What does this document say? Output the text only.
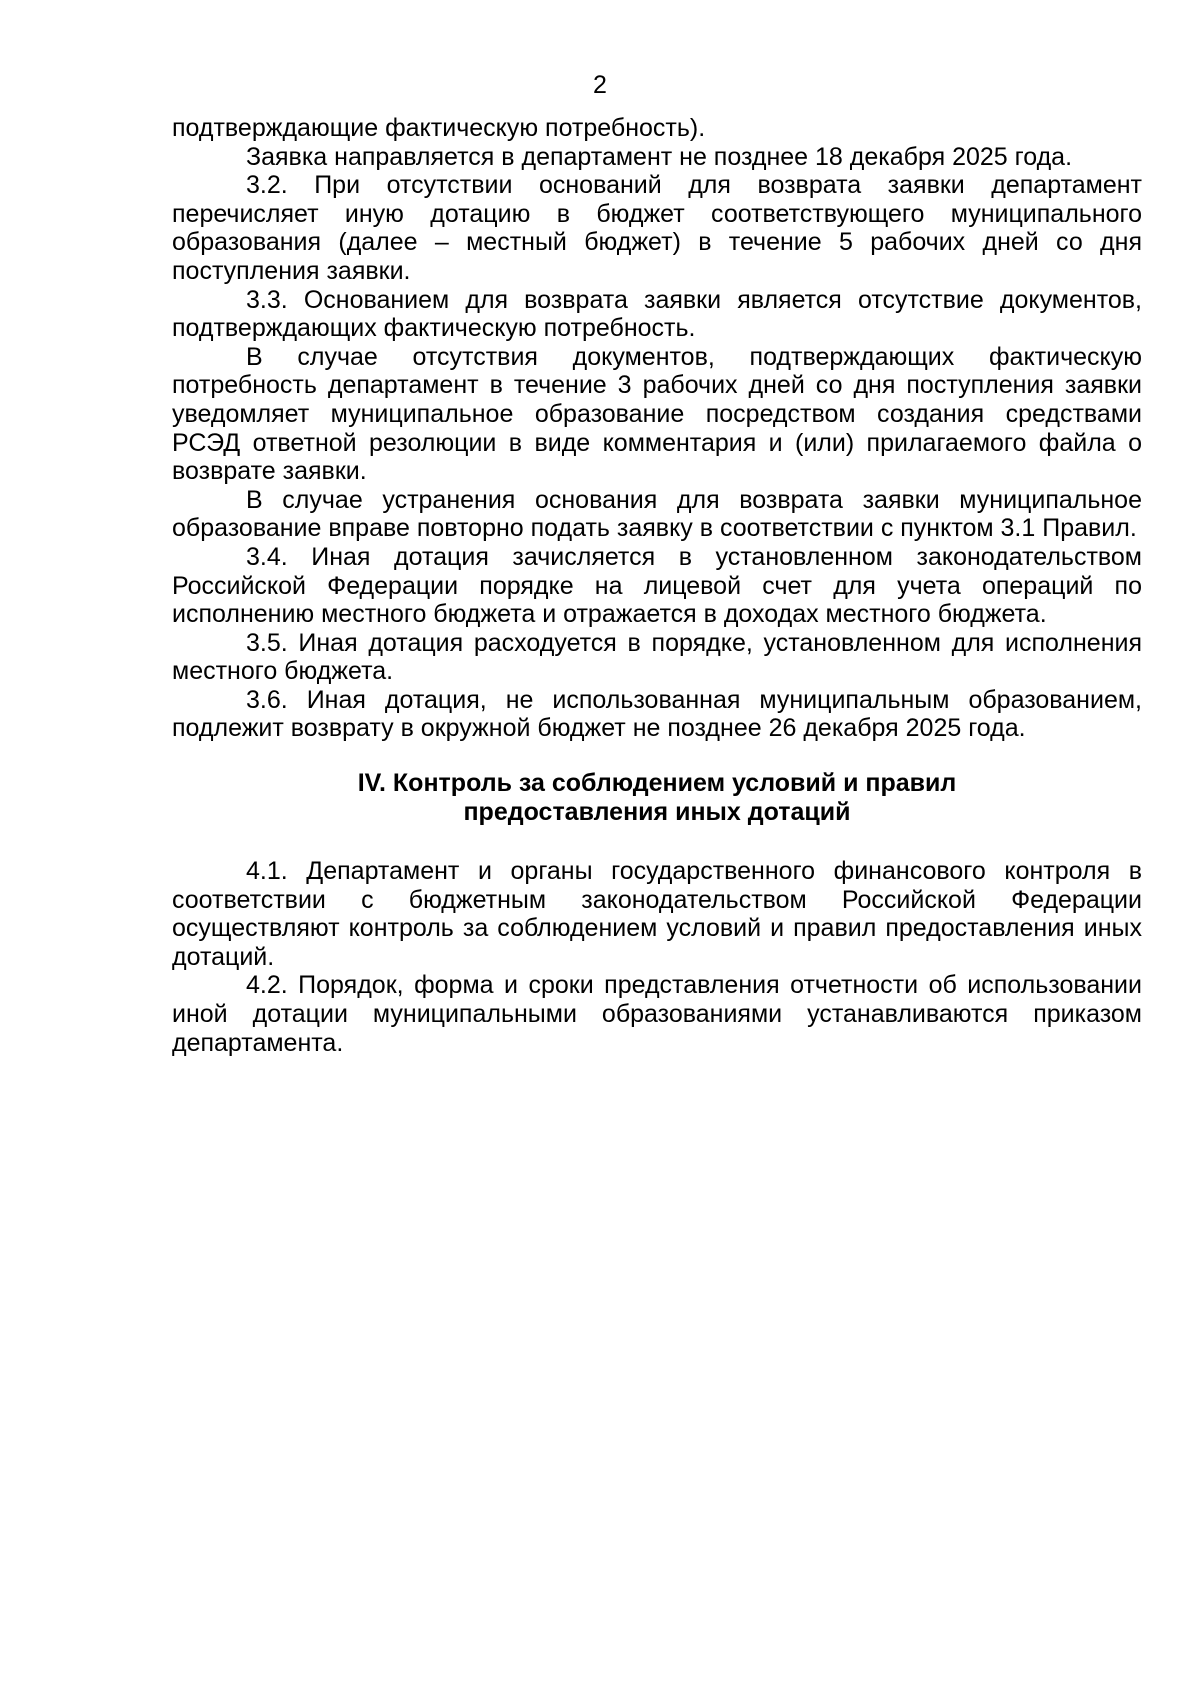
2

подтверждающие фактическую потребность).

Заявка направляется в департамент не позднее 18 декабря 2025 года.

3.2. При отсутствии оснований для возврата заявки департамент перечисляет иную дотацию в бюджет соответствующего муниципального образования (далее – местный бюджет) в течение 5 рабочих дней со дня поступления заявки.

3.3. Основанием для возврата заявки является отсутствие документов, подтверждающих фактическую потребность.

В случае отсутствия документов, подтверждающих фактическую потребность департамент в течение 3 рабочих дней со дня поступления заявки уведомляет муниципальное образование посредством создания средствами РСЭД ответной резолюции в виде комментария и (или) прилагаемого файла о возврате заявки.

В случае устранения основания для возврата заявки муниципальное образование вправе повторно подать заявку в соответствии с пунктом 3.1 Правил.

3.4. Иная дотация зачисляется в установленном законодательством Российской Федерации порядке на лицевой счет для учета операций по исполнению местного бюджета и отражается в доходах местного бюджета.

3.5. Иная дотация расходуется в порядке, установленном для исполнения местного бюджета.

3.6. Иная дотация, не использованная муниципальным образованием, подлежит возврату в окружной бюджет не позднее 26 декабря 2025 года.

IV. Контроль за соблюдением условий и правил
предоставления иных дотаций

4.1. Департамент и органы государственного финансового контроля в соответствии с бюджетным законодательством Российской Федерации осуществляют контроль за соблюдением условий и правил предоставления иных дотаций.

4.2. Порядок, форма и сроки представления отчетности об использовании иной дотации муниципальными образованиями устанавливаются приказом департамента.
